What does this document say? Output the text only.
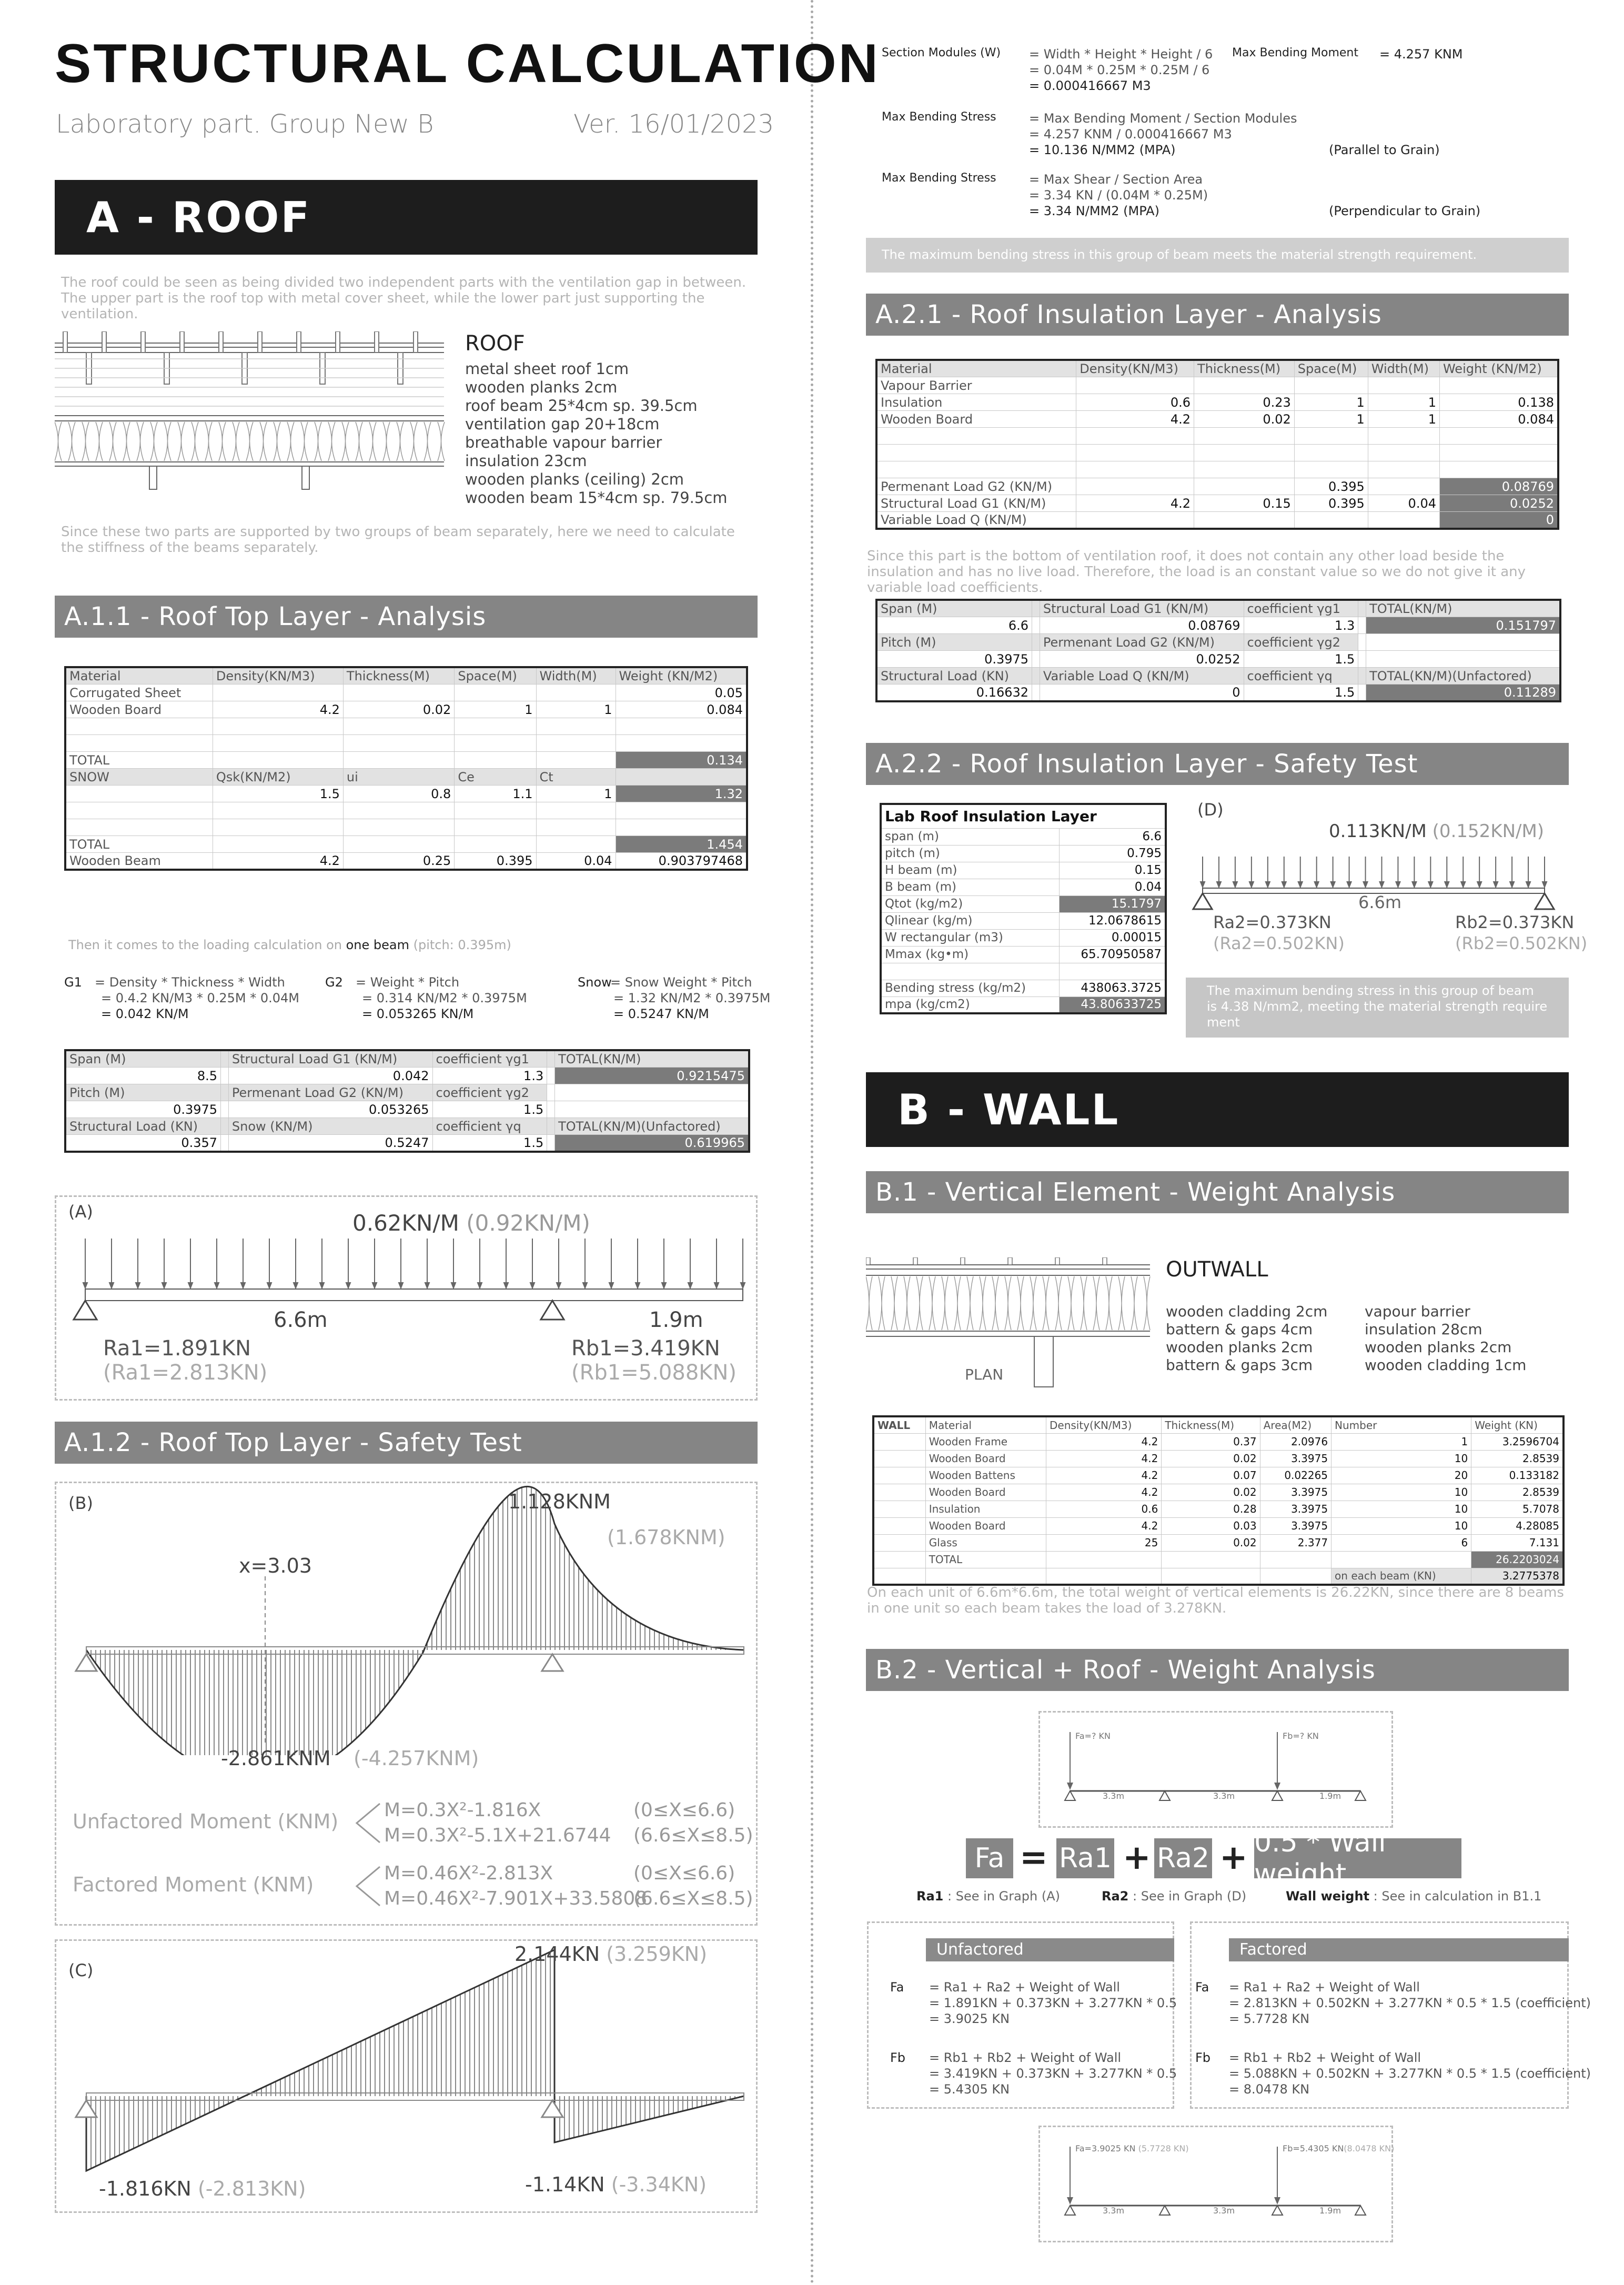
STRUCTURAL CALCULATION
Laboratory part. Group New B	Ver. 16/01/2023
A - ROOF
The roof could be seen as being divided two independent parts with the ventilation gap in between. The upper part is the roof top with metal cover sheet, while the lower part just supporting the ventilation.
ROOF
metal sheet roof 1cm
wooden planks 2cm
roof beam 25*4cm sp. 39.5cm
ventilation gap 20+18cm
breathable vapour barrier
insulation 23cm
wooden planks (ceiling) 2cm
wooden beam 15*4cm sp. 79.5cm
Since these two parts are supported by two groups of beam separately, here we need to calculate the stiffness of the beams separately.
A.1.1 - Roof Top Layer - Analysis
Material	Density(KN/M3)	Thickness(M)	Space(M)	Width(M)	Weight (KN/M2)
Corrugated Sheet					0.05
Wooden Board	4.2	0.02	1	1	0.084

TOTAL					0.134
SNOW	Qsk(KN/M2)	ui	Ce	Ct	
	1.5	0.8	1.1	1	1.32

TOTAL					1.454
Wooden Beam	4.2	0.25	0.395	0.04	0.903797468
Then it comes to the loading calculation on one beam (pitch: 0.395m)
G1	= Density * Thickness * Width
= 0.4.2 KN/M3 * 0.25M * 0.04M
= 0.042 KN/M
G2	= Weight * Pitch
= 0.314 KN/M2 * 0.3975M
= 0.053265 KN/M
Snow
= Snow Weight * Pitch
= 1.32 KN/M2 * 0.3975M
= 0.5247 KN/M
Span (M)		Structural Load G1 (KN/M)	coefficient γg1		TOTAL(KN/M)
8.5		0.042	1.3		0.9215475
Pitch (M)		Permenant Load G2 (KN/M)	coefficient γg2		
0.3975		0.053265	1.5		
Structural Load (KN)		Snow (KN/M)	coefficient γq		TOTAL(KN/M)(Unfactored)
0.357		0.5247	1.5		0.619965
(A)	0.62KN/M (0.92KN/M)
6.6m	1.9m
Ra1=1.891KN
(Ra1=2.813KN)
Rb1=3.419KN
(Rb1=5.088KN)
A.1.2 - Roof Top Layer - Safety Test
(B)	1.128KNM
(1.678KNM)
x=3.03
-2.861KNM (-4.257KNM)
Unfactored Moment (KNM) M=0.3X²-1.816X
M=0.3X²-5.1X+21.6744
(0≤X≤6.6)
(6.6≤X≤8.5)
Factored Moment (KNM)	M=0.46X²-2.813X
M=0.46X²-7.901X+33.5808
(0≤X≤6.6)
(6.6≤X≤8.5)
(C)
2.144KN (3.259KN)
-1.816KN (-2.813KN)	-1.14KN (-3.34KN)
Section Modules (W) = Width * Height * Height / 6
= 0.04M * 0.25M * 0.25M / 6
= 0.000416667 M3
Max Bending Moment = 4.257 KNM
Max Bending Stress	= Max Bending Moment / Section Modules
= 4.257 KNM / 0.000416667 M3
= 10.136 N/MM2 (MPA)	(Parallel to Grain)
Max Bending Stress	= Max Shear / Section Area
= 3.34 KN / (0.04M * 0.25M)
= 3.34 N/MM2 (MPA)	(Perpendicular to Grain)
The maximum bending stress in this group of beam meets the material strength requirement.
A.2.1 - Roof Insulation Layer - Analysis
Material	Density(KN/M3)	Thickness(M)	Space(M)	Width(M)	Weight (KN/M2)
Vapour Barrier					
Insulation	0.6	0.23	1	1	0.138
Wooden Board	4.2	0.02	1	1	0.084

Permenant Load G2 (KN/M)			0.395		0.08769
Structural Load G1 (KN/M)	4.2	0.15	0.395	0.04	0.0252
Variable Load Q (KN/M)					0
Since this part is the bottom of ventilation roof, it does not contain any other load beside the insulation and has no live load. Therefore, the load is an constant value so we do not give it any variable load coefficients.
Span (M)		Structural Load G1 (KN/M)	coefficient γg1		TOTAL(KN/M)
6.6		0.08769	1.3		0.151797
Pitch (M)		Permenant Load G2 (KN/M)	coefficient γg2		
0.3975		0.0252	1.5		
Structural Load (KN)		Variable Load Q (KN/M)	coefficient γq		TOTAL(KN/M)(Unfactored)
0.16632		0	1.5		0.11289
A.2.2 - Roof Insulation Layer - Safety Test
Lab Roof Insulation Layer	
span (m)	6.6
pitch (m)	0.795
H beam (m)	0.15
B beam (m)	0.04
Qtot (kg/m2)	15.1797
Qlinear (kg/m)	12.0678615
W rectangular (m3)	0.00015
Mmax (kg•m)	65.70950587

Bending stress (kg/m2)	438063.3725
mpa (kg/cm2)	43.80633725
(D)
0.113KN/M (0.152KN/M)
6.6m
Ra2=0.373KN
(Ra2=0.502KN)
Rb2=0.373KN
(Rb2=0.502KN)
The maximum bending stress in this group of beam is 4.38 N/mm2, meeting the material strength require ment
B - WALL
B.1 - Vertical Element - Weight Analysis
PLAN
OUTWALL
wooden cladding 2cm
battern & gaps 4cm
wooden planks 2cm
battern & gaps 3cm
vapour barrier
insulation 28cm
wooden planks 2cm
wooden cladding 1cm
WALL	Material	Density(KN/M3)	Thickness(M)	Area(M2)	Number	Weight (KN)
	Wooden Frame	4.2	0.37	2.0976	1	3.2596704
	Wooden Board	4.2	0.02	3.3975	10	2.8539
	Wooden Battens	4.2	0.07	0.02265	20	0.133182
	Wooden Board	4.2	0.02	3.3975	10	2.8539
	Insulation	0.6	0.28	3.3975	10	5.7078
	Wooden Board	4.2	0.03	3.3975	10	4.28085
	Glass	25	0.02	2.377	6	7.131
	TOTAL					26.2203024
					on each beam (KN)	3.2775378
On each unit of 6.6m*6.6m, the total weight of vertical elements is 26.22KN, since there are 8 beams in one unit so each beam takes the load of 3.278KN.
B.2 - Vertical + Roof - Weight Analysis
Fa=? KN	Fb=? KN
3.3m	3.3m	1.9m
Fa = Ra1 + Ra2 + 0.5 * Wall weight
Ra1 : See in Graph (A)	Ra2 : See in Graph (D)	Wall weight : See in calculation in B1.1
Unfactored
Fa = Ra1 + Ra2 + Weight of Wall
= 1.891KN + 0.373KN + 3.277KN * 0.5
= 3.9025 KN
Fb = Rb1 + Rb2 + Weight of Wall
= 3.419KN + 0.373KN + 3.277KN * 0.5
= 5.4305 KN
Factored
Fa = Ra1 + Ra2 + Weight of Wall
= 2.813KN + 0.502KN + 3.277KN * 0.5 * 1.5 (coefficient)
= 5.7728 KN
Fb = Rb1 + Rb2 + Weight of Wall
= 5.088KN + 0.502KN + 3.277KN * 0.5 * 1.5 (coefficient)
= 8.0478 KN
Fa=3.9025 KN (5.7728 KN)	Fb=5.4305 KN(8.0478 KN)
3.3m	3.3m	1.9m
